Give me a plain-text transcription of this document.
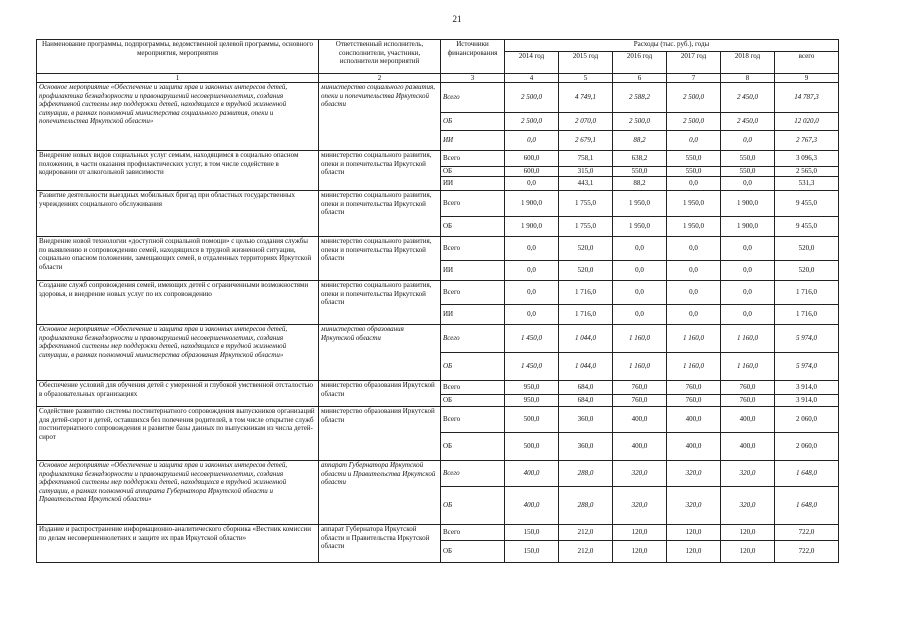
21
Наименование программы, подпрограммы, ведомственной целевой программы, основного мероприятия, мероприятия	Ответственный исполнитель, соисполнители, участники, исполнители мероприятий	Источники финансирования	Расходы (тыс. руб.), годы					
			2014 год	2015 год	2016 год	2017 год	2018 год	всего
1	2	3	4	5	6	7	8	9
Основное мероприятие «Обеспечение и защита прав и законных интересов детей, профилактика безнадзорности и правонарушений несовершеннолетних, создания эффективной системы мер поддержки детей, находящихся в трудной жизненной ситуации, в рамках полномочий министерства социального развития, опеки и попечительства Иркутской области»	министерство социального развития, опеки и попечительства Иркутской области	Всего	2 500,0	4 749,1	2 588,2	2 500,0	2 450,0	14 787,3
		ОБ	2 500,0	2 070,0	2 500,0	2 500,0	2 450,0	12 020,0
		ИИ	0,0	2 679,1	88,2	0,0	0,0	2 767,3
Внедрение новых видов социальных услуг семьям, находящимся в социально опасном положении, в части оказания профилактических услуг, в том числе содействие в кодировании от алкогольной зависимости	министерство социального развития, опеки и попечительства Иркутской области	Всего	600,0	758,1	638,2	550,0	550,0	3 096,3
		ОБ	600,0	315,0	550,0	550,0	550,0	2 565,0
		ИИ	0,0	443,1	88,2	0,0	0,0	531,3
Развитие деятельности выездных мобильных бригад при областных государственных учреждениях социального обслуживания	министерство социального развития, опеки и попечительства Иркутской области	Всего	1 900,0	1 755,0	1 950,0	1 950,0	1 900,0	9 455,0
		ОБ	1 900,0	1 755,0	1 950,0	1 950,0	1 900,0	9 455,0
Внедрение новой технологии «доступной социальной помощи» с целью создания службы по выявлению и сопровождению семей, находящихся в трудной жизненной ситуации, социально опасном положении, замещающих семей, в отдаленных территориях Иркутской области	министерство социального развития, опеки и попечительства Иркутской области	Всего	0,0	520,0	0,0	0,0	0,0	520,0
		ИИ	0,0	520,0	0,0	0,0	0,0	520,0
Создание служб сопровождения семей, имеющих детей с ограниченными возможностями здоровья, и внедрение новых услуг по их сопровождению	министерство социального развития, опеки и попечительства Иркутской области	Всего	0,0	1 716,0	0,0	0,0	0,0	1 716,0
		ИИ	0,0	1 716,0	0,0	0,0	0,0	1 716,0
Основное мероприятие «Обеспечение и защита прав и законных интересов детей, профилактика безнадзорности и правонарушений несовершеннолетних, создания эффективной системы мер поддержки детей, находящихся в трудной жизненной ситуации, в рамках полномочий министерства образования Иркутской области»	министерство образования Иркутской области	Всего	1 450,0	1 044,0	1 160,0	1 160,0	1 160,0	5 974,0
		ОБ	1 450,0	1 044,0	1 160,0	1 160,0	1 160,0	5 974,0
Обеспечение условий для обучения детей с умеренной и глубокой умственной отсталостью в образовательных организациях	министерство образования Иркутской области	Всего	950,0	684,0	760,0	760,0	760,0	3 914,0
		ОБ	950,0	684,0	760,0	760,0	760,0	3 914,0
Содействие развитию системы постинтернатного сопровождения выпускников организаций для детей-сирот и детей, оставшихся без попечения родителей, в том числе открытие служб постинтернатного сопровождения и развитие базы данных по выпускникам из числа детей-сирот	министерство образования Иркутской области	Всего	500,0	360,0	400,0	400,0	400,0	2 060,0
		ОБ	500,0	360,0	400,0	400,0	400,0	2 060,0
Основное мероприятие «Обеспечение и защита прав и законных интересов детей, профилактика безнадзорности и правонарушений несовершеннолетних, создания эффективной системы мер поддержки детей, находящихся в трудной жизненной ситуации, в рамках полномочий аппарата Губернатора Иркутской области и Правительства Иркутской области»	аппарат Губернатора Иркутской области и Правительства Иркутской области	Всего	400,0	288,0	320,0	320,0	320,0	1 648,0
		ОБ	400,0	288,0	320,0	320,0	320,0	1 648,0
Издание и распространение информационно-аналитического сборника «Вестник комиссии по делам несовершеннолетних и защите их прав Иркутской области»	аппарат Губернатора Иркутской области и Правительства Иркутской области	Всего	150,0	212,0	120,0	120,0	120,0	722,0
		ОБ	150,0	212,0	120,0	120,0	120,0	722,0
